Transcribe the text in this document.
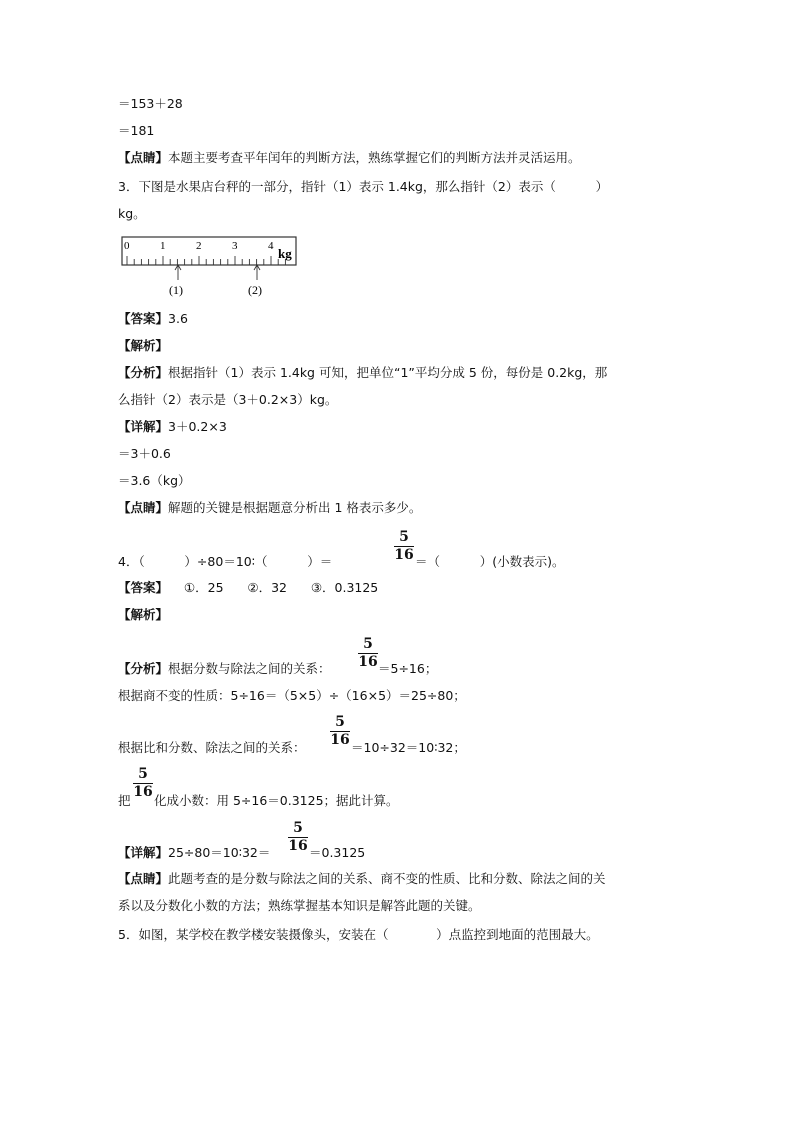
＝153＋28
＝181
【点睛】本题主要考查平年闰年的判断方法，熟练掌握它们的判断方法并灵活运用。
3．下图是水果店台秤的一部分，指针（1）表示 1.4kg，那么指针（2）表示（          ）
kg。
0	1	2	3	4 kg
(1)	(2)
【答案】3.6
【解析】
【分析】根据指针（1）表示 1.4kg 可知，把单位“1”平均分成 5 份，每份是 0.2kg，那
么指针（2）表示是（3＋0.2×3）kg。
【详解】3＋0.2×3
＝3＋0.6
＝3.6（kg）
【点睛】解题的关键是根据题意分析出 1 格表示多少。
4．（          ）÷80＝10∶（          ）＝
5
16 ＝（          ）(小数表示)。
【答案】    ①．25      ②．32      ③．0.3125
【解析】
5
16
【分析】根据分数与除法之间的关系：	＝5÷16；
根据商不变的性质：5÷16＝（5×5）÷（16×5）＝25÷80；
5
16
根据比和分数、除法之间的关系：	＝10÷32＝10∶32；
5
16
把 化成小数：用 5÷16＝0.3125；据此计算。
5
16
【详解】25÷80＝10∶32＝	＝0.3125
【点睛】此题考查的是分数与除法之间的关系、商不变的性质、比和分数、除法之间的关
系以及分数化小数的方法；熟练掌握基本知识是解答此题的关键。
5．如图，某学校在教学楼安装摄像头，安装在（            ）点监控到地面的范围最大。
